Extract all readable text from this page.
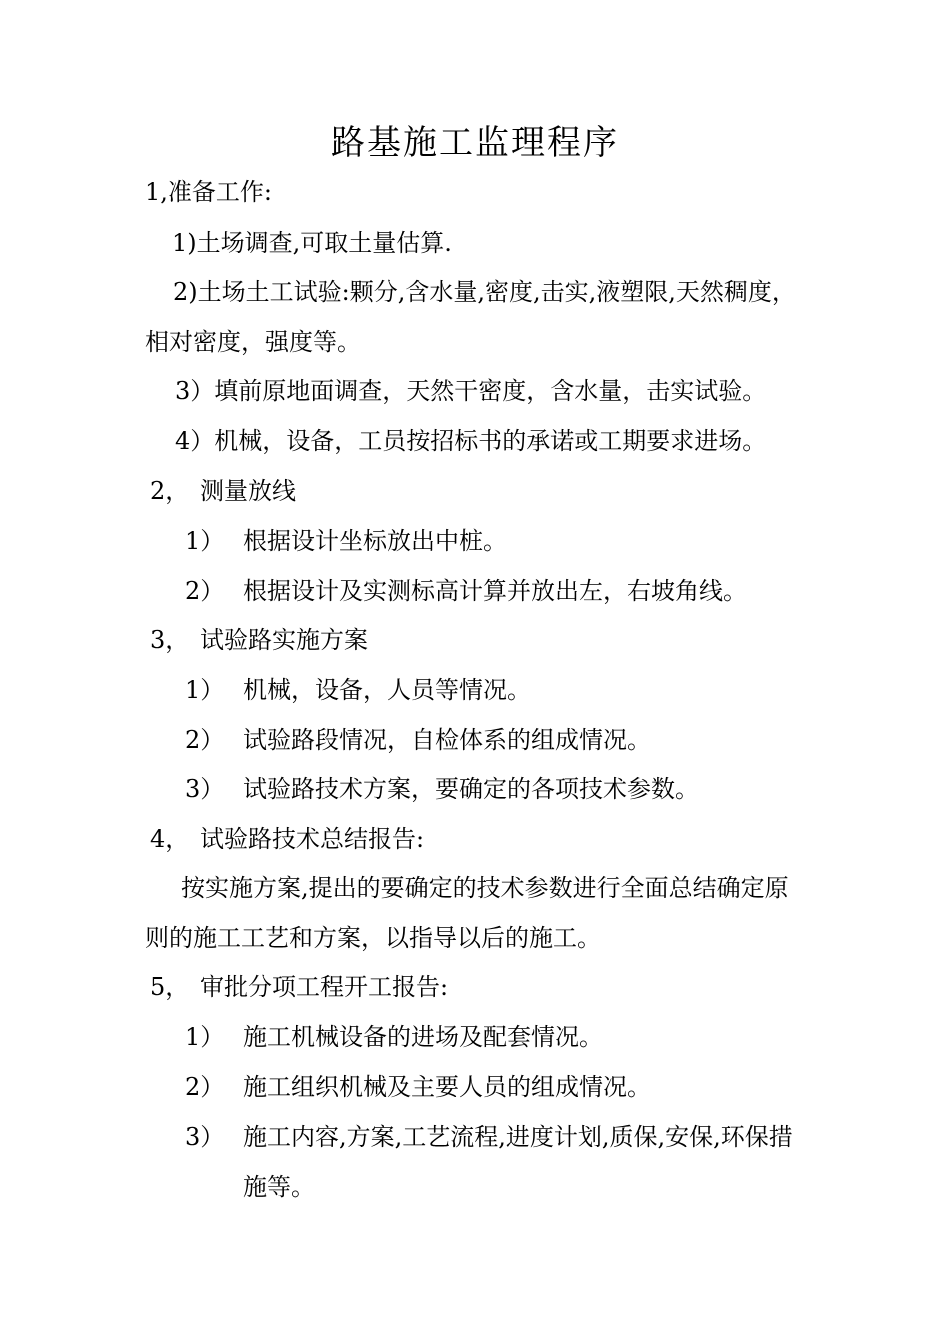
路基施工监理程序
1,准备工作:
1)土场调查,可取土量估算.
2)土场土工试验:颗分,含水量,密度,击实,液塑限,天然稠度，相对密度，强度等。
3）填前原地面调查，天然干密度，含水量，击实试验。
4）机械，设备，工员按招标书的承诺或工期要求进场。
2， 测量放线
1） 根据设计坐标放出中桩。
2） 根据设计及实测标高计算并放出左，右坡角线。
3， 试验路实施方案
1） 机械，设备，人员等情况。
2） 试验路段情况，自检体系的组成情况。
3） 试验路技术方案，要确定的各项技术参数。
4， 试验路技术总结报告:
按实施方案,提出的要确定的技术参数进行全面总结确定原则的施工工艺和方案，以指导以后的施工。
5， 审批分项工程开工报告:
1） 施工机械设备的进场及配套情况。
2） 施工组织机械及主要人员的组成情况。
3） 施工内容,方案,工艺流程,进度计划,质保,安保,环保措施等。
